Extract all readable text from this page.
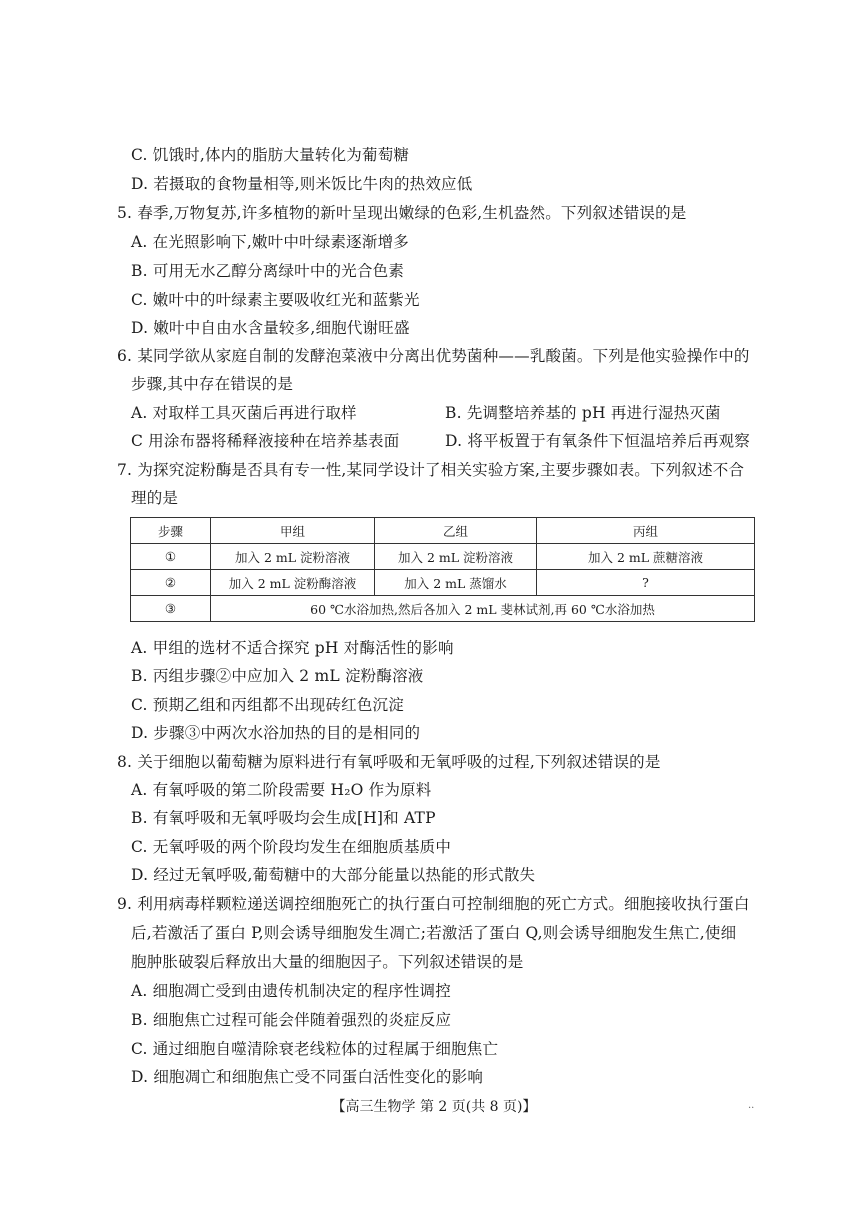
C. 饥饿时,体内的脂肪大量转化为葡萄糖
D. 若摄取的食物量相等,则米饭比牛肉的热效应低
5. 春季,万物复苏,许多植物的新叶呈现出嫩绿的色彩,生机盎然。下列叙述错误的是
A. 在光照影响下,嫩叶中叶绿素逐渐增多
B. 可用无水乙醇分离绿叶中的光合色素
C. 嫩叶中的叶绿素主要吸收红光和蓝紫光
D. 嫩叶中自由水含量较多,细胞代谢旺盛
6. 某同学欲从家庭自制的发酵泡菜液中分离出优势菌种——乳酸菌。下列是他实验操作中的
步骤,其中存在错误的是
A. 对取样工具灭菌后再进行取样	B. 先调整培养基的 pH 再进行湿热灭菌
C 用涂布器将稀释液接种在培养基表面	D. 将平板置于有氧条件下恒温培养后再观察
7. 为探究淀粉酶是否具有专一性,某同学设计了相关实验方案,主要步骤如表。下列叙述不合
理的是
步骤	甲组	乙组	丙组
①	加入 2 mL 淀粉溶液	加入 2 mL 淀粉溶液	加入 2 mL 蔗糖溶液
②	加入 2 mL 淀粉酶溶液	加入 2 mL 蒸馏水	?
③	60 ℃水浴加热,然后各加入 2 mL 斐林试剂,再 60 ℃水浴加热		
A. 甲组的选材不适合探究 pH 对酶活性的影响
B. 丙组步骤②中应加入 2 mL 淀粉酶溶液
C. 预期乙组和丙组都不出现砖红色沉淀
D. 步骤③中两次水浴加热的目的是相同的
8. 关于细胞以葡萄糖为原料进行有氧呼吸和无氧呼吸的过程,下列叙述错误的是
A. 有氧呼吸的第二阶段需要 H₂O 作为原料
B. 有氧呼吸和无氧呼吸均会生成[H]和 ATP
C. 无氧呼吸的两个阶段均发生在细胞质基质中
D. 经过无氧呼吸,葡萄糖中的大部分能量以热能的形式散失
9. 利用病毒样颗粒递送调控细胞死亡的执行蛋白可控制细胞的死亡方式。细胞接收执行蛋白
后,若激活了蛋白 P,则会诱导细胞发生凋亡;若激活了蛋白 Q,则会诱导细胞发生焦亡,使细
胞肿胀破裂后释放出大量的细胞因子。下列叙述错误的是
A. 细胞凋亡受到由遗传机制决定的程序性调控
B. 细胞焦亡过程可能会伴随着强烈的炎症反应
C. 通过细胞自噬清除衰老线粒体的过程属于细胞焦亡
D. 细胞凋亡和细胞焦亡受不同蛋白活性变化的影响
【高三生物学 第 2 页(共 8 页)】	..
